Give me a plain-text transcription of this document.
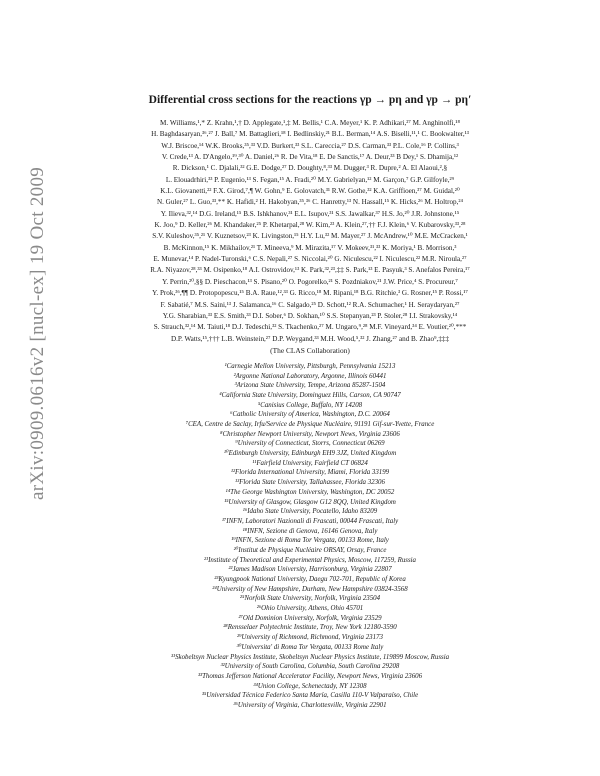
arXiv:0909.0616v2 [nucl-ex] 19 Oct 2009
Differential cross sections for the reactions γp → pη and γp → pη′
M. Williams,¹,* Z. Krahn,¹,† D. Applegate,¹,‡ M. Bellis,¹ C.A. Meyer,¹ K. P. Adhikari,²⁷ M. Anghinolfi,¹⁸
H. Baghdasaryan,³⁶,²⁷ J. Ball,⁷ M. Battaglieri,¹⁸ I. Bedlinskiy,²¹ B.L. Berman,¹⁴ A.S. Biselli,¹¹,¹ C. Bookwalter,¹³
W.J. Briscoe,¹⁴ W.K. Brooks,³⁵,³³ V.D. Burkert,³³ S.L. Careccia,²⁷ D.S. Carman,³³ P.L. Cole,¹⁶ P. Collins,³
V. Crede,¹³ A. D'Angelo,¹⁹,³⁰ A. Daniel,²⁶ R. De Vita,¹⁸ E. De Sanctis,¹⁷ A. Deur,³³ B Dey,¹ S. Dhamija,¹²
R. Dickson,¹ C. Djalali,³² G.E. Dodge,²⁷ D. Doughty,⁸,³³ M. Dugger,³ R. Dupre,² A. El Alaoui,²,§
L. Elouadrhiri,³³ P. Eugenio,¹³ S. Fegan,¹⁵ A. Fradi,²⁰ M.Y. Gabrielyan,¹² M. Garçon,⁷ G.P. Gilfoyle,²⁹
K.L. Giovanetti,²² F.X. Girod,⁷,¶ W. Gohn,⁹ E. Golovatch,³¹ R.W. Gothe,³² K.A. Griffioen,³⁷ M. Guidal,²⁰
N. Guler,²⁷ L. Guo,³³,** K. Hafidi,² H. Hakobyan,³⁵,³⁶ C. Hanretty,¹³ N. Hassall,¹⁵ K. Hicks,²⁶ M. Holtrop,²⁴
Y. Ilieva,³²,¹⁴ D.G. Ireland,¹⁵ B.S. Ishkhanov,³¹ E.L. Isupov,³¹ S.S. Jawalkar,³⁷ H.S. Jo,²⁰ J.R. Johnstone,¹⁵
K. Joo,⁹ D. Keller,²⁶ M. Khandaker,²⁵ P. Khetarpal,²⁸ W. Kim,²³ A. Klein,²⁷,†† F.J. Klein,⁶ V. Kubarovsky,³³,²⁸
S.V. Kuleshov,³⁵,²¹ V. Kuznetsov,²³ K. Livingston,¹⁵ H.Y. Lu,³² M. Mayer,²⁷ J. McAndrew,¹⁰ M.E. McCracken,¹
B. McKinnon,¹⁵ K. Mikhailov,²¹ T. Mineeva,⁹ M. Mirazita,¹⁷ V. Mokeev,³¹,³³ K. Moriya,¹ B. Morrison,³
E. Munevar,¹⁴ P. Nadel-Turonski,⁶ C.S. Nepali,²⁷ S. Niccolai,²⁰ G. Niculescu,²² I. Niculescu,²² M.R. Niroula,²⁷
R.A. Niyazov,²⁸,³³ M. Osipenko,¹⁸ A.I. Ostrovidov,¹³ K. Park,³²,²³,‡‡ S. Park,¹³ E. Pasyuk,³ S. Anefalos Pereira,¹⁷
Y. Perrin,²⁰,§§ D. Pieschacon,¹³ S. Pisano,²⁰ O. Pogorelko,²¹ S. Pozdniakov,²¹ J.W. Price,⁴ S. Procureur,⁷
Y. Prok,³⁶,¶¶ D. Protopopescu,¹⁵ B.A. Raue,¹²,³³ G. Ricco,¹⁸ M. Ripani,¹⁸ B.G. Ritchie,³ G. Rosner,¹⁵ P. Rossi,¹⁷
F. Sabatié,⁷ M.S. Saini,¹³ J. Salamanca,¹⁶ C. Salgado,²⁵ D. Schott,¹² R.A. Schumacher,¹ H. Seraydaryan,²⁷
Y.G. Sharabian,³³ E.S. Smith,³³ D.I. Sober,⁶ D. Sokhan,¹⁰ S.S. Stepanyan,²³ P. Stoler,²⁸ I.I. Strakovsky,¹⁴
S. Strauch,³²,¹⁴ M. Taiuti,¹⁸ D.J. Tedeschi,³² S. Tkachenko,²⁷ M. Ungaro,⁹,²⁸ M.F. Vineyard,³⁴ E. Voutier,²⁰,***
D.P. Watts,¹⁵,††† L.B. Weinstein,²⁷ D.P. Weygand,³³ M.H. Wood,⁵,³² J. Zhang,²⁷ and B. Zhao⁹,‡‡‡
(The CLAS Collaboration)
¹Carnegie Mellon University, Pittsburgh, Pennsylvania 15213
²Argonne National Laboratory, Argonne, Illinois 60441
³Arizona State University, Tempe, Arizona 85287-1504
⁴California State University, Dominguez Hills, Carson, CA 90747
⁵Canisius College, Buffalo, NY 14208
⁶Catholic University of America, Washington, D.C. 20064
⁷CEA, Centre de Saclay, Irfu/Service de Physique Nucléaire, 91191 Gif-sur-Yvette, France
⁸Christopher Newport University, Newport News, Virginia 23606
⁹University of Connecticut, Storrs, Connecticut 06269
¹⁰Edinburgh University, Edinburgh EH9 3JZ, United Kingdom
¹¹Fairfield University, Fairfield CT 06824
¹²Florida International University, Miami, Florida 33199
¹³Florida State University, Tallahassee, Florida 32306
¹⁴The George Washington University, Washington, DC 20052
¹⁵University of Glasgow, Glasgow G12 8QQ, United Kingdom
¹⁶Idaho State University, Pocatello, Idaho 83209
¹⁷INFN, Laboratori Nazionali di Frascati, 00044 Frascati, Italy
¹⁸INFN, Sezione di Genova, 16146 Genova, Italy
¹⁹INFN, Sezione di Roma Tor Vergata, 00133 Rome, Italy
²⁰Institut de Physique Nucléaire ORSAY, Orsay, France
²¹Institute of Theoretical and Experimental Physics, Moscow, 117259, Russia
²²James Madison University, Harrisonburg, Virginia 22807
²³Kyungpook National University, Daegu 702-701, Republic of Korea
²⁴University of New Hampshire, Durham, New Hampshire 03824-3568
²⁵Norfolk State University, Norfolk, Virginia 23504
²⁶Ohio University, Athens, Ohio 45701
²⁷Old Dominion University, Norfolk, Virginia 23529
²⁸Rensselaer Polytechnic Institute, Troy, New York 12180-3590
²⁹University of Richmond, Richmond, Virginia 23173
³⁰Universita' di Roma Tor Vergata, 00133 Rome Italy
³¹Skobeltsyn Nuclear Physics Institute, Skobeltsyn Nuclear Physics Institute, 119899 Moscow, Russia
³²University of South Carolina, Columbia, South Carolina 29208
³³Thomas Jefferson National Accelerator Facility, Newport News, Virginia 23606
³⁴Union College, Schenectady, NY 12308
³⁵Universidad Técnica Federico Santa María, Casilla 110-V Valparaíso, Chile
³⁶University of Virginia, Charlottesville, Virginia 22901
